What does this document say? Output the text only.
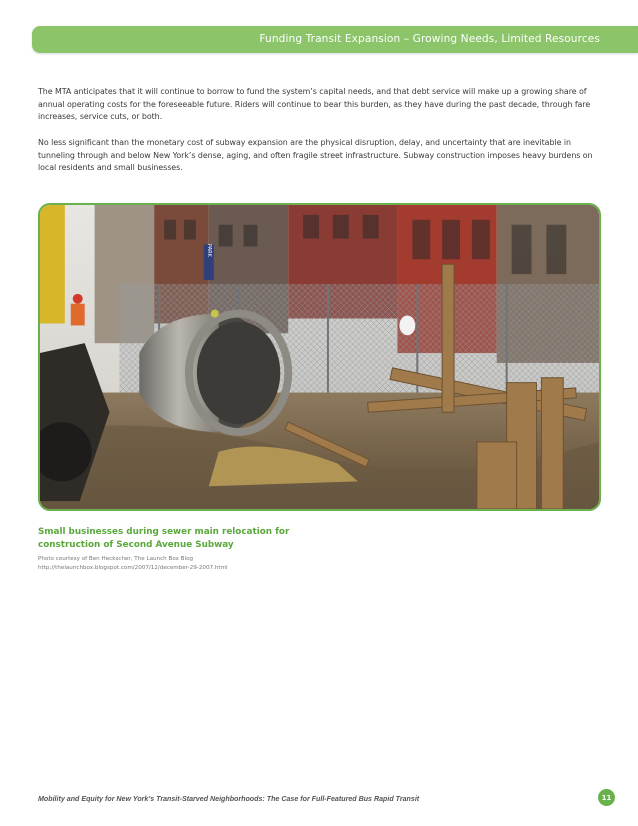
Funding Transit Expansion – Growing Needs, Limited Resources

The MTA anticipates that it will continue to borrow to fund the system’s capital needs, and that debt service will make up a growing share of annual operating costs for the foreseeable future. Riders will continue to bear this burden, as they have during the past decade, through fare increases, service cuts, or both.

No less significant than the monetary cost of subway expansion are the physical disruption, delay, and uncertainty that are inevitable in tunneling through and below New York’s dense, aging, and often fragile street infrastructure. Subway construction imposes heavy burdens on local residents and small businesses.

PARK
Small businesses during sewer main relocation for
construction of Second Avenue Subway
Photo courtesy of Ben Heckscher, The Launch Box Blog
http://thelaunchbox.blogspot.com/2007/12/december-29-2007.html
Mobility and Equity for New York’s Transit-Starved Neighborhoods: The Case for Full-Featured Bus Rapid Transit	11
